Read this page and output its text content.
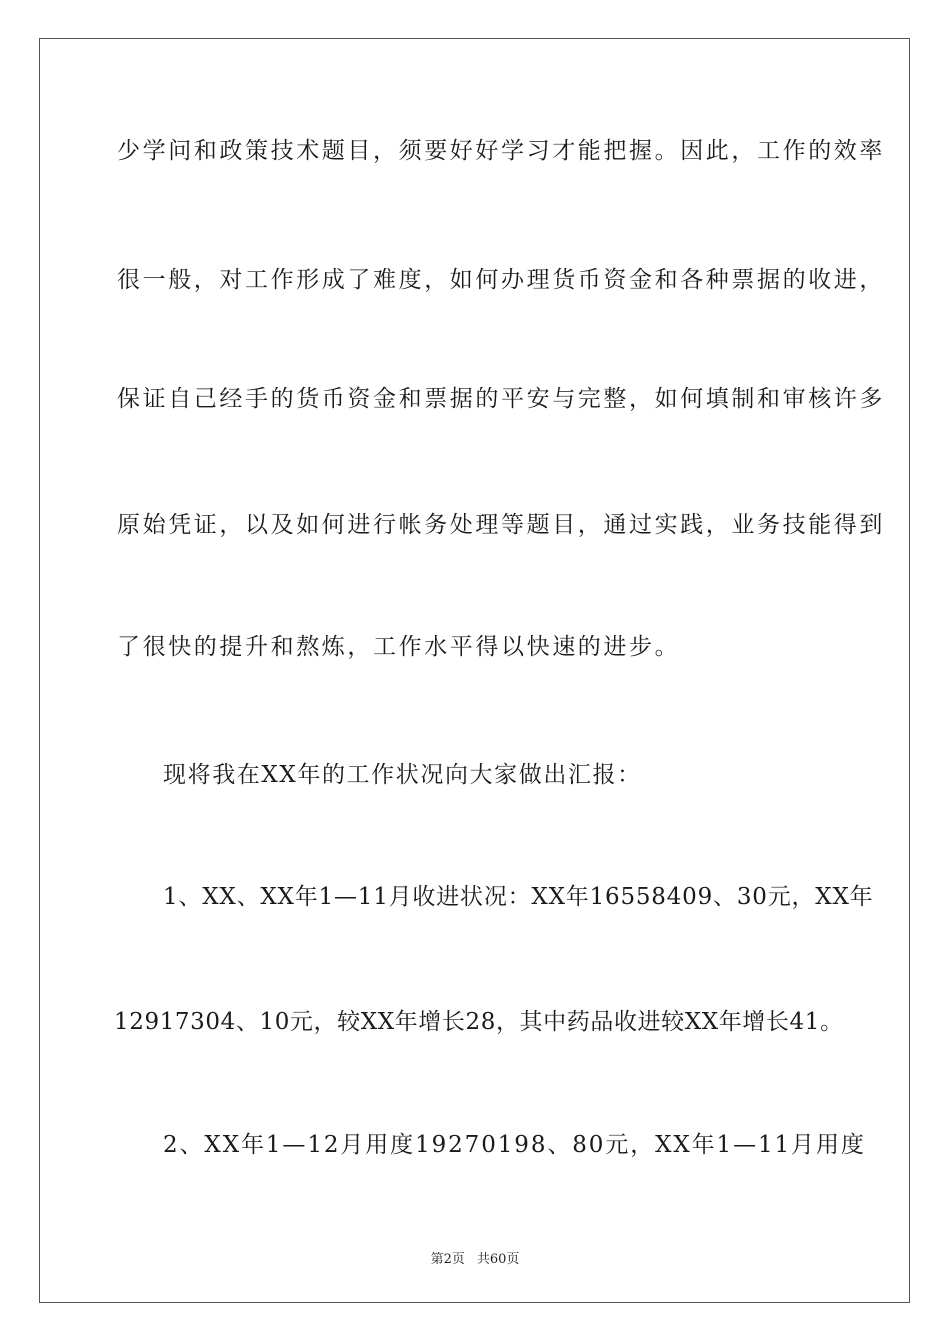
少学问和政策技术题目，须要好好学习才能把握。因此，工作的效率
很一般，对工作形成了难度，如何办理货币资金和各种票据的收进，
保证自己经手的货币资金和票据的平安与完整，如何填制和审核许多
原始凭证，以及如何进行帐务处理等题目，通过实践，业务技能得到
了很快的提升和熬炼，工作水平得以快速的进步。
现将我在XX年的工作状况向大家做出汇报：
1、XX、XX年1—11月收进状况：XX年16558409、30元，XX年
12917304、10元，较XX年增长28，其中药品收进较XX年增长41。
2、XX年1—12月用度19270198、80元，XX年1—11月用度
第2页 共60页
